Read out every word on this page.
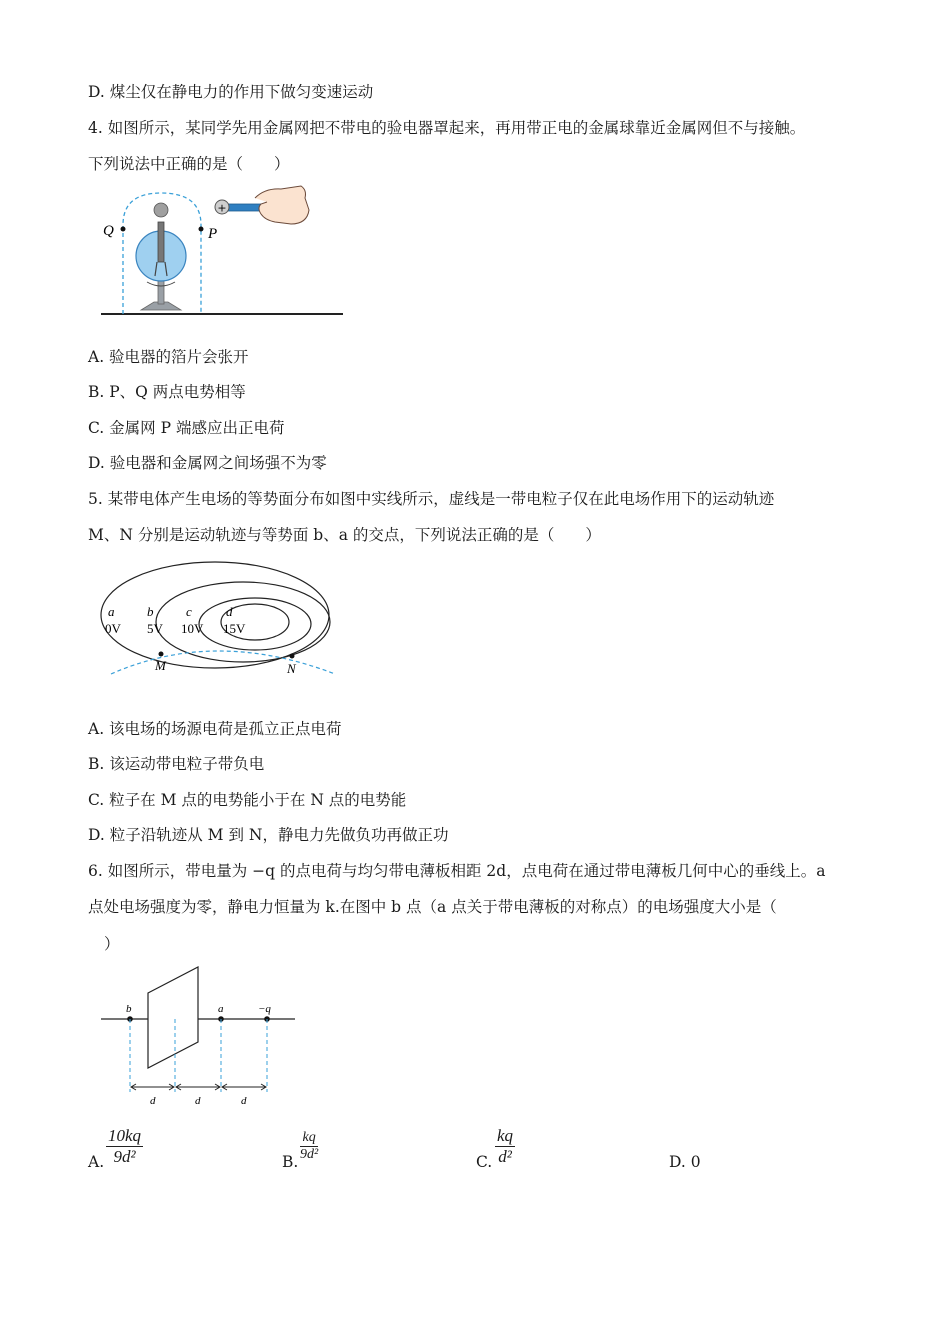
D. 煤尘仅在静电力的作用下做匀变速运动
4. 如图所示，某同学先用金属网把不带电的验电器罩起来，再用带正电的金属球靠近金属网但不与接触。
下列说法中正确的是（　　）
Q	P
+
A. 验电器的箔片会张开
B. P、Q 两点电势相等
C. 金属网 P 端感应出正电荷
D. 验电器和金属网之间场强不为零
5. 某带电体产生电场的等势面分布如图中实线所示，虚线是一带电粒子仅在此电场作用下的运动轨迹
M、N 分别是运动轨迹与等势面 b、a 的交点，下列说法正确的是（　　）
M	N
a
0V
b
5V
c
10V
d
15V
A. 该电场的场源电荷是孤立正点电荷
B. 该运动带电粒子带负电
C. 粒子在 M 点的电势能小于在 N 点的电势能
D. 粒子沿轨迹从 M 到 N，静电力先做负功再做正功
6. 如图所示，带电量为 −q 的点电荷与均匀带电薄板相距 2d，点电荷在通过带电薄板几何中心的垂线上。a
点处电场强度为零，静电力恒量为 k.在图中 b 点（a 点关于带电薄板的对称点）的电场强度大小是（
）
b	a	−q
d	d	d
A. $\frac{10kq}{\text{9d²}}$	B. $\frac{kq}{\text{9d²}}$	C. $\frac{kq}{\text{d²}}$	D. 0
